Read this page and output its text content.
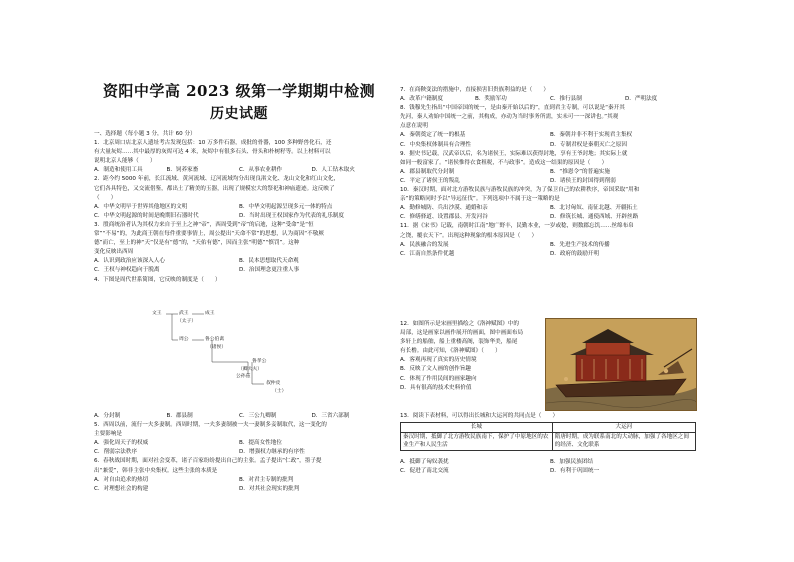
资阳中学高 2023 级第一学期期中检测
历史试题
一、选择题（每小题 3 分，共计 60 分）
1．北京周口店北京人遗址考古发现包括：10 万多件石器，成批的骨器，100 多种野兽化石，还
有大量灰烬……其中最厚的灰烬可达 4 米，灰烬中有很多石头、骨头和朴树籽等。以上材料可以
说明北京人能够（　　）
A．制造和使用工具	B．饲养家畜	C．从事农业耕作	D．人工钻木取火
2．距今约 5000 年前，长江流域、黄河流域、辽河流域均分出现良渚文化、龙山文化和红山文化，
它们各具特色，又交流借鉴，都出土了精美的玉器，出现了规模宏大的祭祀和神庙遗迹。这反映了
（　　）
A．中华文明早于世界其他地区的文明	B．中华文明起源呈现多元一体的特点
C．中华文明起源的时间是晚期旧石器时代	D．当时出现王权国家作为代表的礼乐制度
3．殷商统治者认为其权力来自于至上之神“帝”，西周受到“帝”的启迪，这种“受命”是“恒
常”“不易”的，为此商王朝在每件重要事情上，周公提出“天命不常”的思想，认为商因“不敬厥
德”而亡，至上的神“天”仅是有“德”的，“天佑有德”，因而主张“明德”“慎罚”。这种
变化反映出西周
A．认识到政治应该深入人心	B．民本思想取代天命观
C．王权与神权趋向于脱离	D．治国理念更注重人事
4．下图是周代世系简图，它反映的制度是（　　）
A．分封制	B．郡县制	C．三公九卿制	D．三省六部制
5．西周以前，流行一夫多妻制。西周时期，一夫多妻制被一夫一妻制多妾制取代，这一变化的
主要影响是
A．强化周天子的权威	B．提高女性地位
C．削弱宗法秩序	D．增强权力继承的有序性
6．春秋战国时期，面对社会变革，诸子百家纷纷提出自己的主张。孟子提出“仁政”，墨子提
出“兼爱”，韩非主张中央集权。这些主张的本质是
A．对自由追求的热切	B．对君主专制的批判
C．对理想社会的构建	D．对其社会现实的批判
文王	武王	成王
（太子）
周公	鲁公伯禽
（诸侯）
鲁孝公
（卿大夫）
叔仲皮
（士）
公孙兹
7．在商鞅变法的措施中，直接损害旧贵族利益的是（　　）
A．改革户籍制度	B．奖励军功	C．推行县制	D．严明法度
8．钱穆先生指出“中国帝国的统一，是由秦开始以后的”，直到君主专制，可以说是“秦开其
先河，秦人劝始中国统一之前，其构成，亦动为当时事务所需，实未可一一深讲也。”其观
点意在说明
A．秦朝奠定了统一的根基	B．秦朝并非不利于实现君主集权
C．中央集权体制具有合理性	D．专制君权是秦朝灭亡之原因
9．据史书记载，汉武帝以后，名为诸侯王，实际难以获得封地，享有王爷封地；其实际上就
如同一般富家了。“诸侯惟得衣食租税，不与政事”。造成这一结果的原因是（　　）
A．郡县制取代分封制	B．“推恩令”的普遍实施
C．平定了诸侯王的叛乱	D．诸侯王的封国得到削弱
10．秦汉时期，面对北方游牧民族与游牧民族的冲突，为了保卫自己的农耕秩序，帝国采取“用和
亲”的策略同时予以“导远征伐”。下列选项中不属于这一策略的是
A．勤修城防、兵出沙漠、通婚和亲	B．北讨匈奴、南征北越、开疆拓土
C．修缮驿道、设置郡县、开发河谷	D．修筑长城、通使西域、开辟丝路
11．据《宋书》记载，南朝时江南“地广野丰，民勤本业，一岁或稔，则数郡忘饥……丝绵布帛
之饶，覆衣天下”。出现这种现象的根本原因是（　　）
A．民族融合的发展	B．先进生产技术的传播
C．江南自然条件优越	D．政府的鼓励开明
12．如图所示是宋画里描绘之《洛神赋图》中的
局部，这是画家以画作展开的画面，图中画面布局
多轩上的船舶，船上重楼高阁，装饰华美，船尾
有长橹。由此可知，《洛神赋图》（　　）
A．客观再现了真实的历史情境
B．反映了文人画的创作旨趣
C．体现了作用民间的画家趣向
D．具有很高的技术史料价值
13．阅读下表材料，可以得出长城和大运河的共同点是（　　）
A．抵御了匈奴袭扰	B．加强民族团结
C．促进了南北交流	D．有利于巩固统一
长城	大运河
秦汉时期，抵御了北方游牧民族南下，保护了中原地区的农业生产和人民生活	隋唐时期，成为联系南北的大动脉，加强了各地区之间的经济、文化联系
